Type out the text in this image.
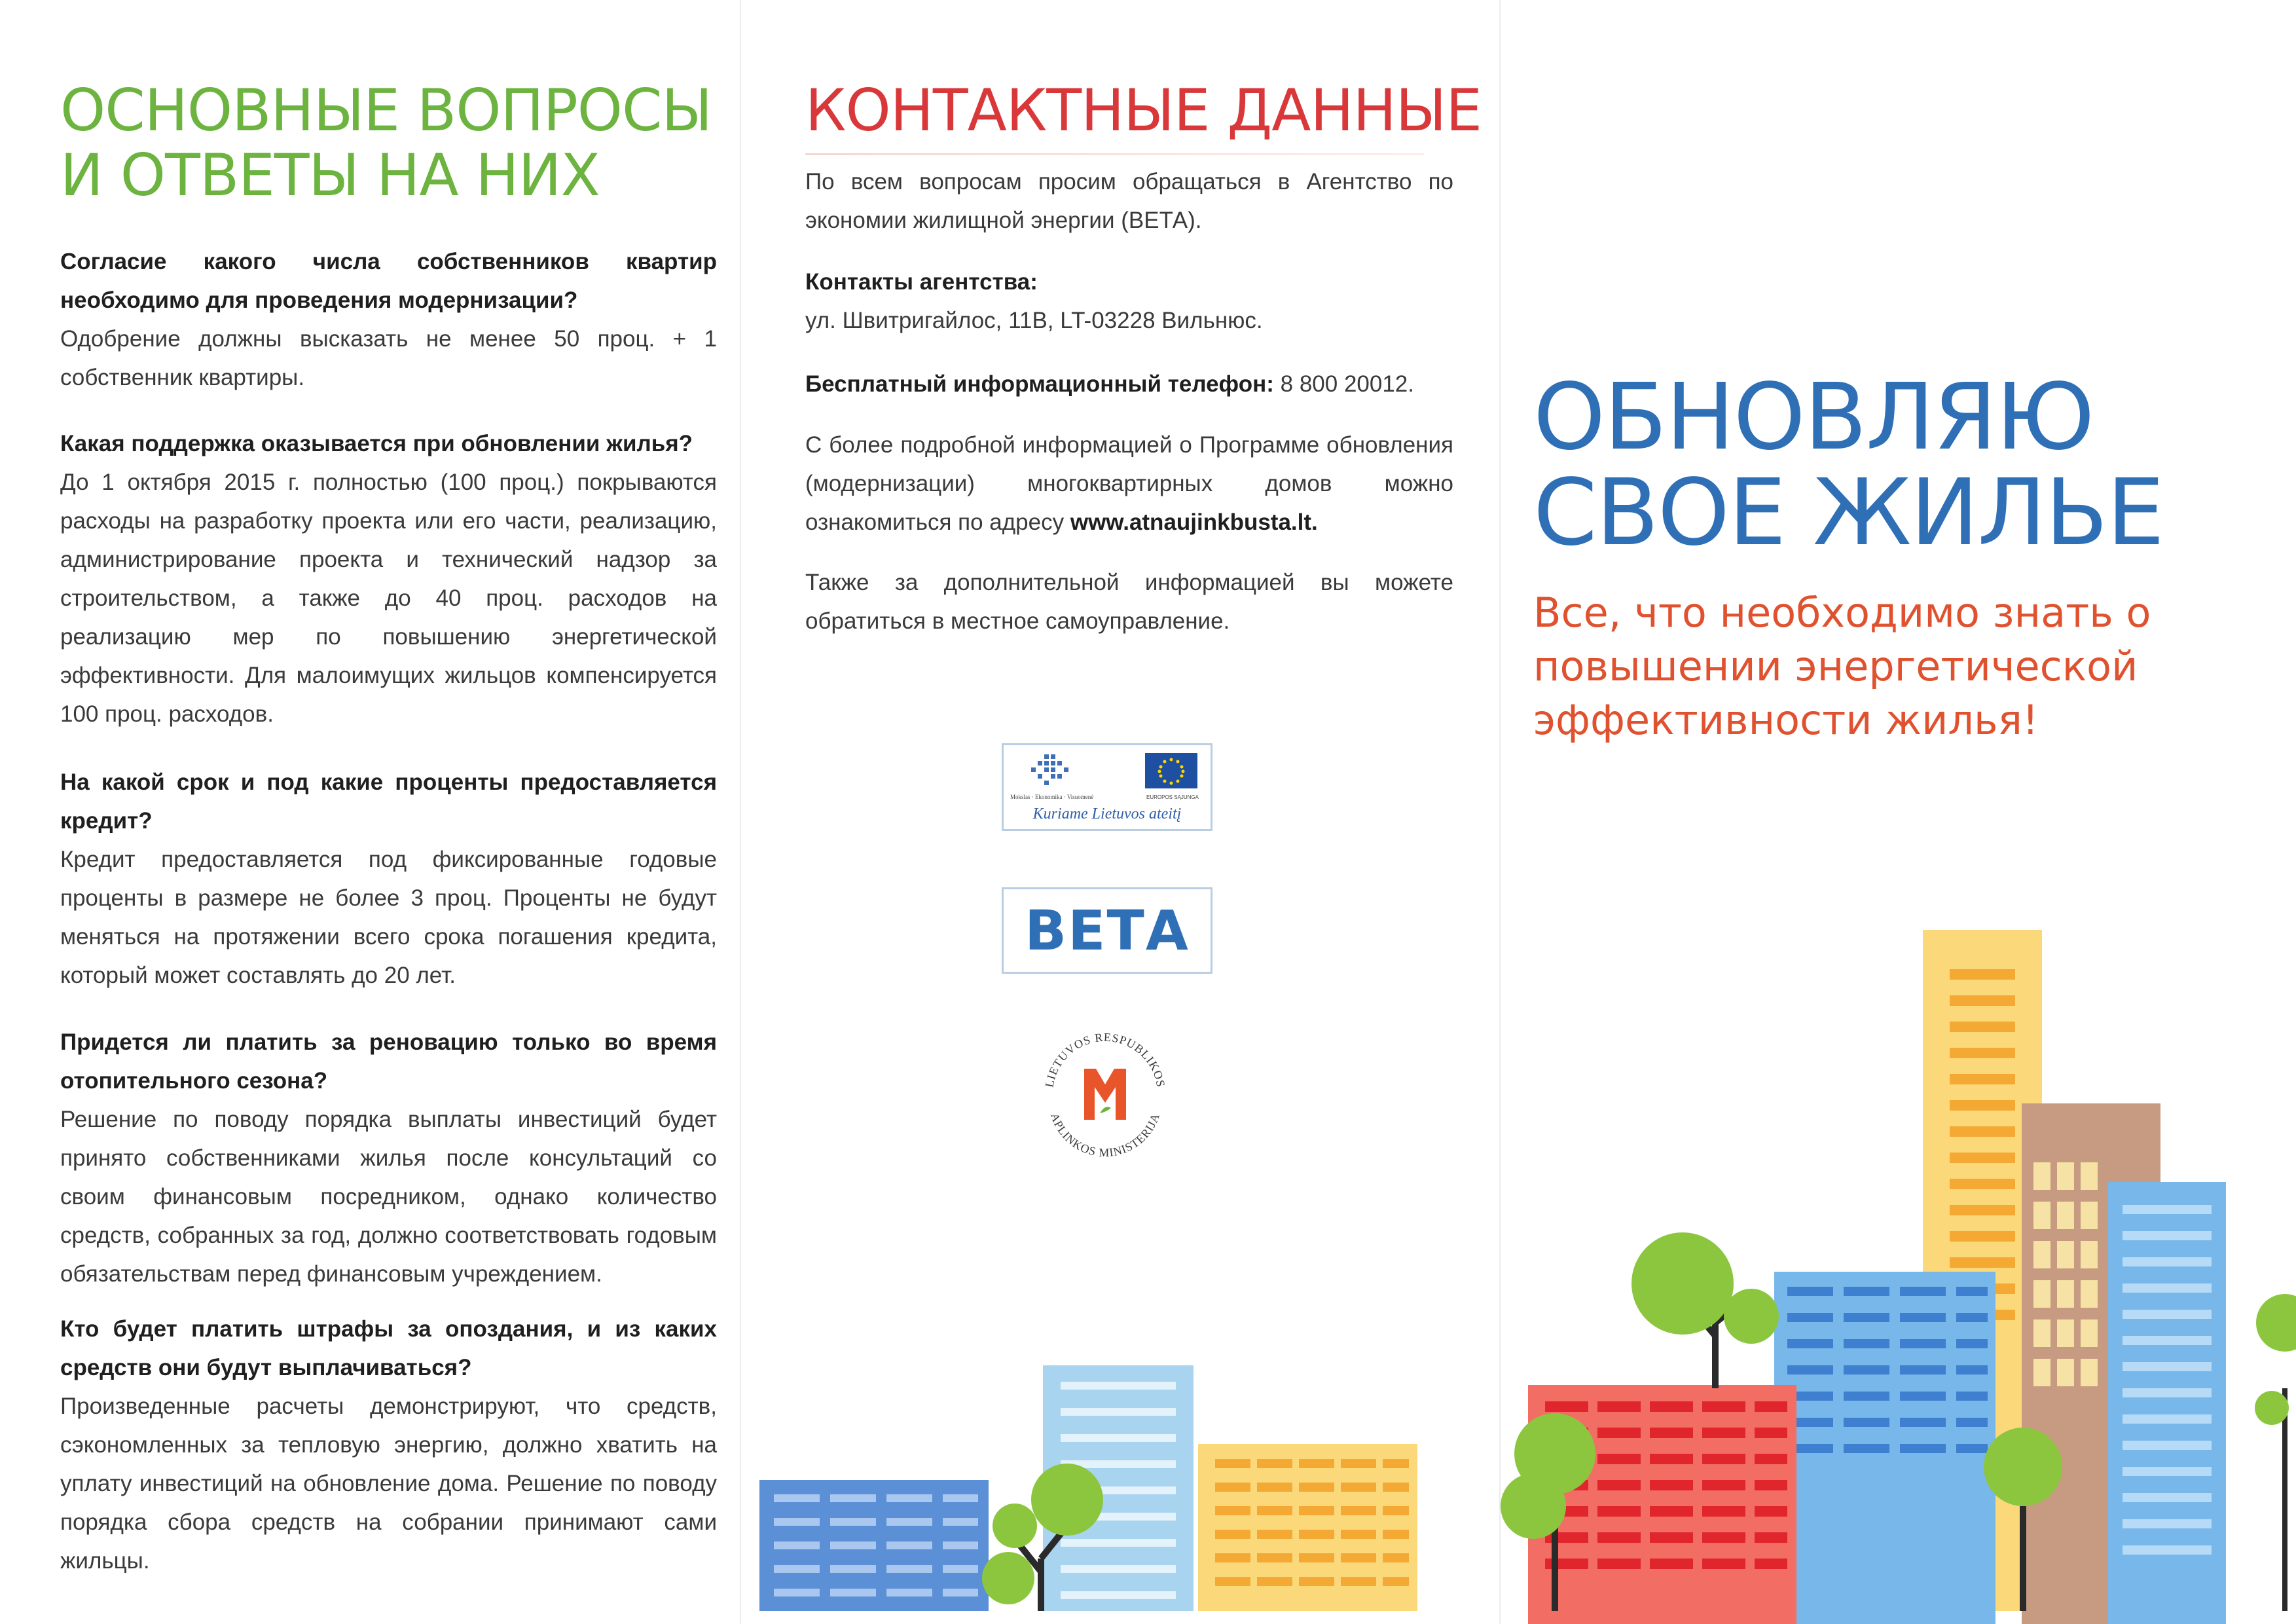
ОСНОВНЫЕ ВОПРОСЫ
И ОТВЕТЫ НА НИХ

Согласие какого числа собственников квартир необходимо для проведения модернизации?

Одобрение должны высказать не менее 50 проц. + 1 собственник квартиры.

Какая поддержка оказывается при обновлении жилья?

До 1 октября 2015 г. полностью (100 проц.) покрываются расходы на разработку проекта или его части, реализацию, администрирование проекта и технический надзор за строительством, а также до 40 проц. расходов на реализацию мер по повышению энергетической эффективности. Для малоимущих жильцов компенсируется 100 проц. расходов.

На какой срок и под какие проценты предоставляется кредит?

Кредит предоставляется под фиксированные годовые проценты в размере не более 3 проц. Проценты не будут меняться на протяжении всего срока погашения кредита, который может составлять до 20 лет.

Придется ли платить за реновацию только во время отопительного сезона?

Решение по поводу порядка выплаты инвестиций будет принято собственниками жилья после консультаций со своим финансовым посредником, однако количество средств, собранных за год, должно соответствовать годовым обязательствам перед финансовым учреждением.

Кто будет платить штрафы за опоздания, и из каких средств они будут выплачиваться?

Произведенные расчеты демонстрируют, что средств, сэкономленных за тепловую энергию, должно хватить на уплату инвестиций на обновление дома. Решение по поводу порядка сбора средств на собрании принимают сами жильцы.

КОНТАКТНЫЕ ДАННЫЕ

По всем вопросам просим обращаться в Агентство по экономии жилищной энергии (ВЕТА).

Контакты агентства:

ул. Швитригайлос, 11В, LT-03228 Вильнюс.

Бесплатный информационный телефон: 8 800 20012.

С более подробной информацией о Программе обновления (модернизации) многоквартирных домов можно ознакомиться по адресу www.atnaujinkbusta.lt.

Также за дополнительной информацией вы можете обратиться в местное самоуправление.

Mokslas · Ekonomika · Visuomenė	EUROPOS SĄJUNGA
Kuriame Lietuvos ateitį
ВЕТА
LIETUVOS RESPUBLIKOS
APLINKOS MINISTERIJA
ОБНОВЛЯЮ
СВОЕ ЖИЛЬЕ

Все, что необходимо знать о повышении энергетической эффективности жилья!
